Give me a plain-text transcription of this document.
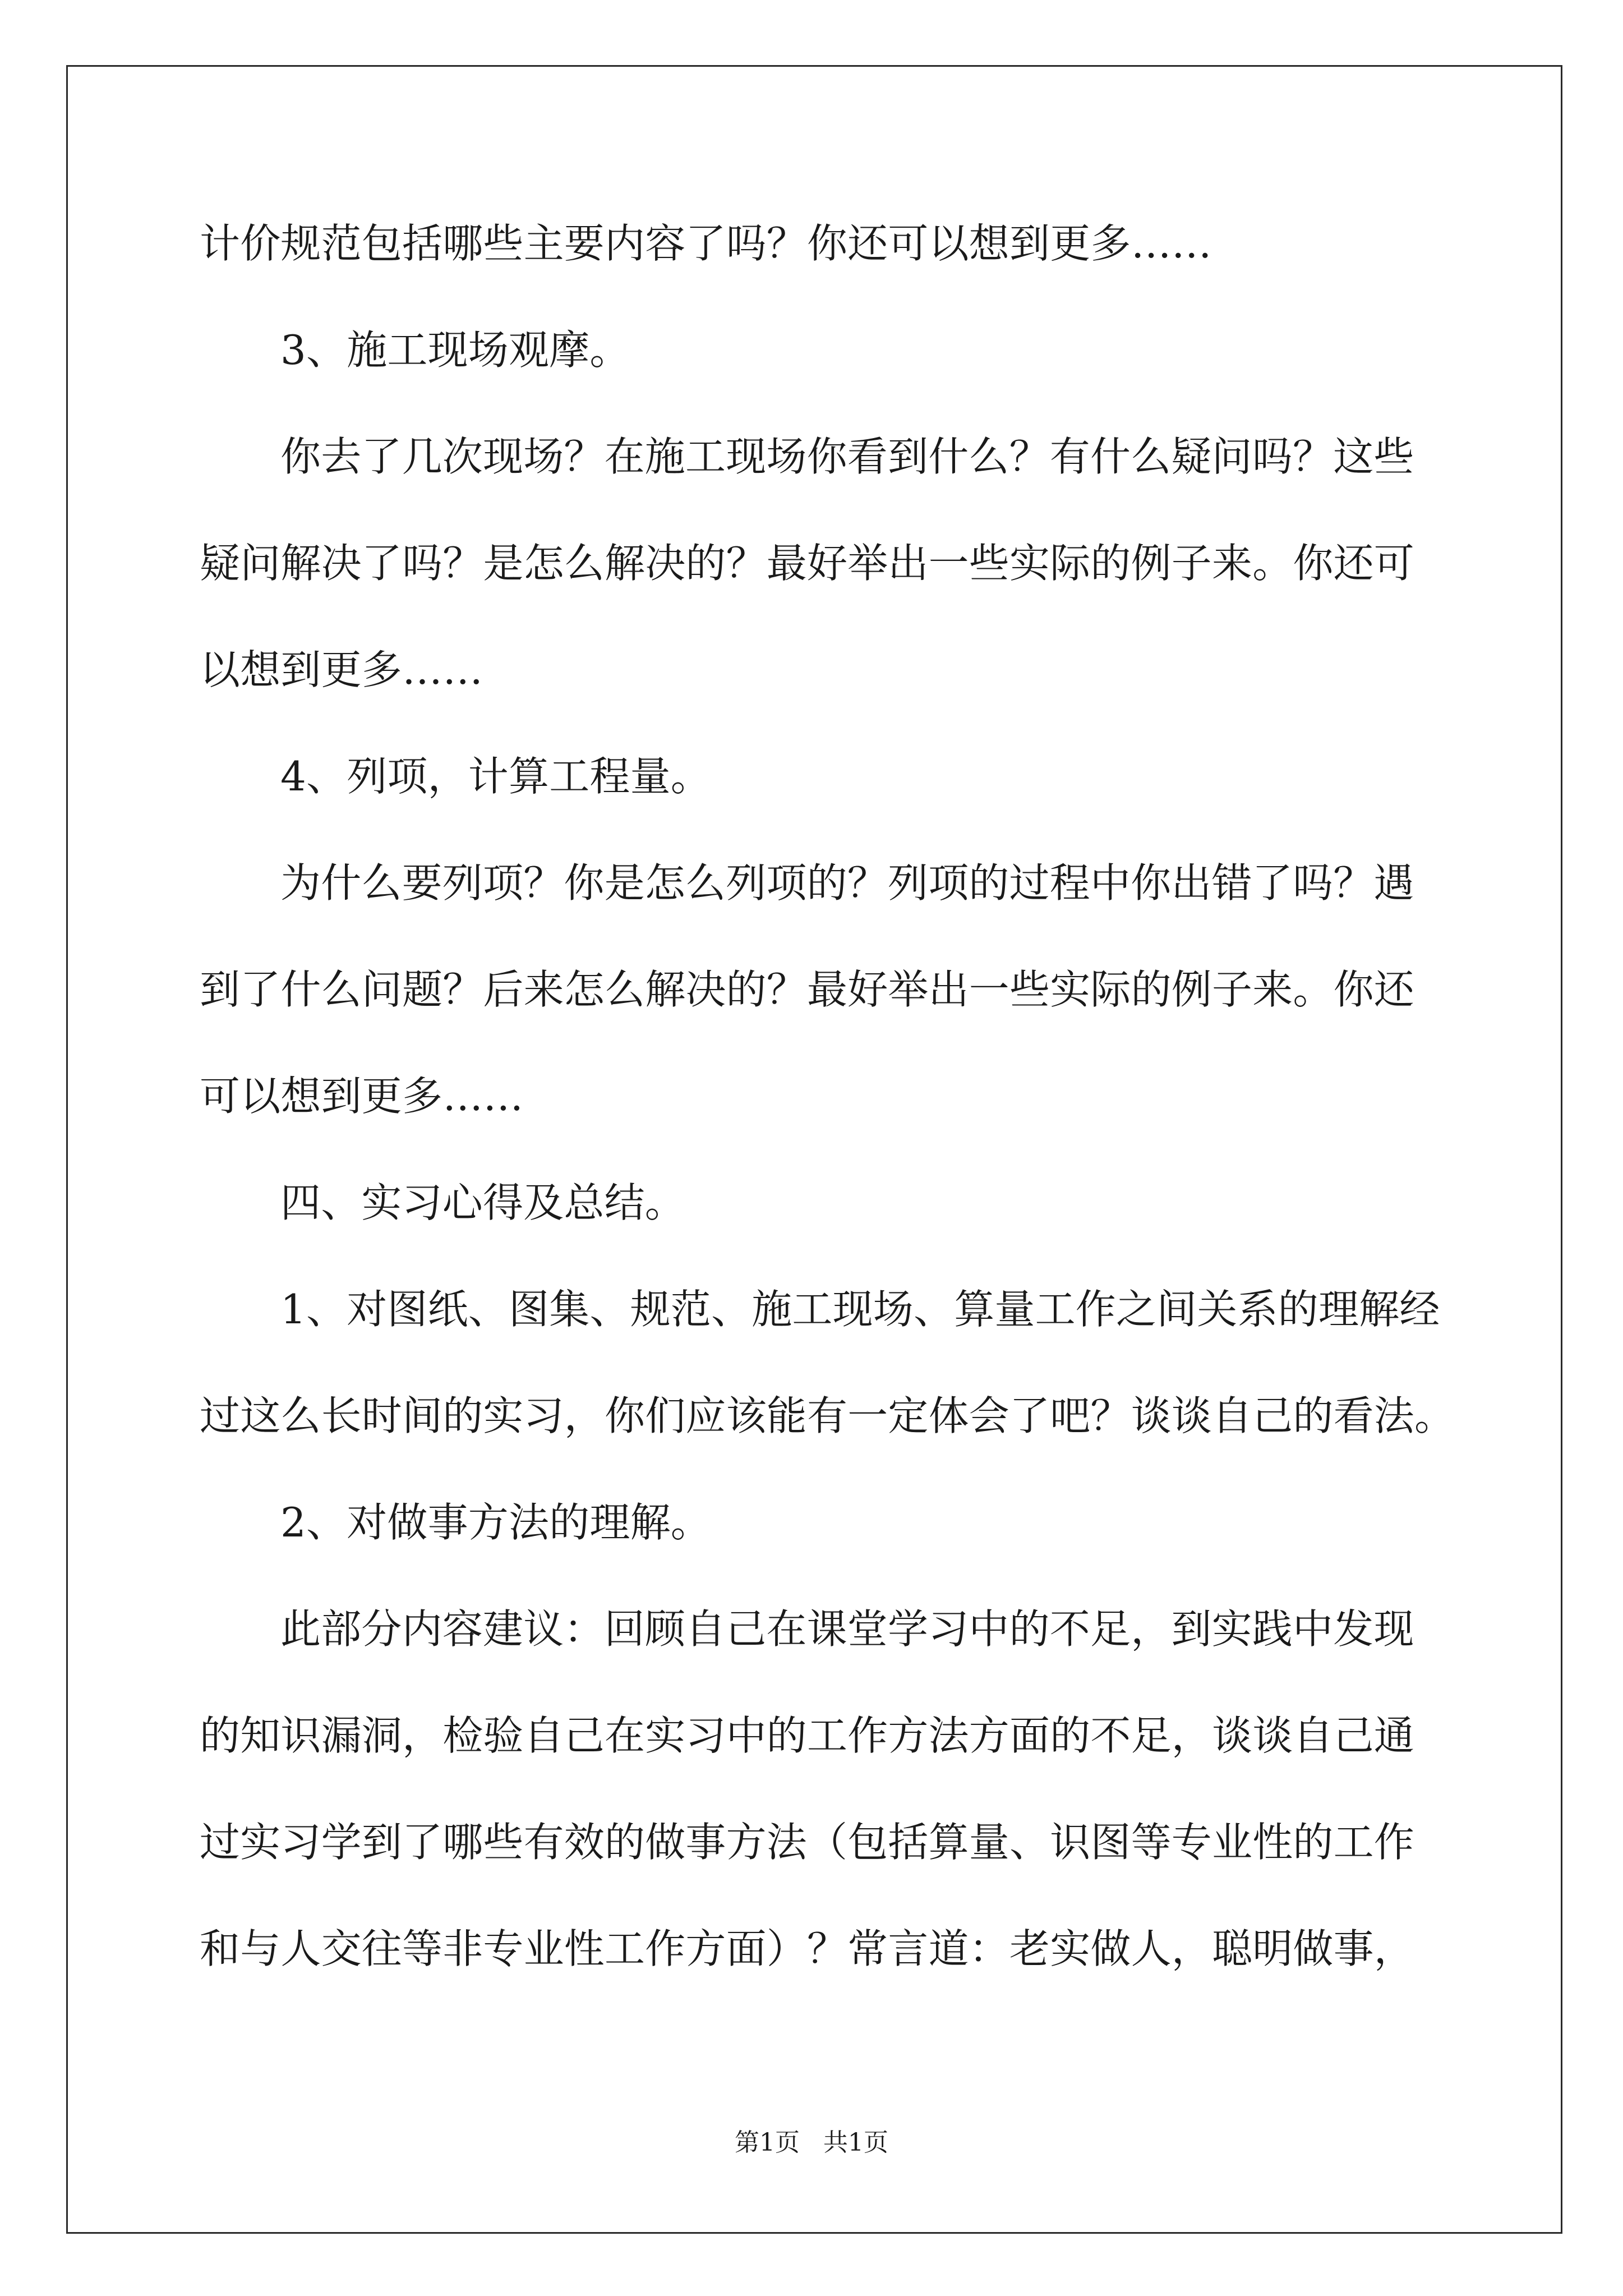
计价规范包括哪些主要内容了吗？你还可以想到更多……
3、施工现场观摩。
你去了几次现场？在施工现场你看到什么？有什么疑问吗？这些
疑问解决了吗？是怎么解决的？最好举出一些实际的例子来。你还可
以想到更多……
4、列项，计算工程量。
为什么要列项？你是怎么列项的？列项的过程中你出错了吗？遇
到了什么问题？后来怎么解决的？最好举出一些实际的例子来。你还
可以想到更多……
四、实习心得及总结。
1、对图纸、图集、规范、施工现场、算量工作之间关系的理解经
过这么长时间的实习，你们应该能有一定体会了吧？谈谈自己的看法。
2、对做事方法的理解。
此部分内容建议：回顾自己在课堂学习中的不足，到实践中发现
的知识漏洞，检验自己在实习中的工作方法方面的不足，谈谈自己通
过实习学到了哪些有效的做事方法（包括算量、识图等专业性的工作
和与人交往等非专业性工作方面）？常言道：老实做人，聪明做事，
第1页 共1页
